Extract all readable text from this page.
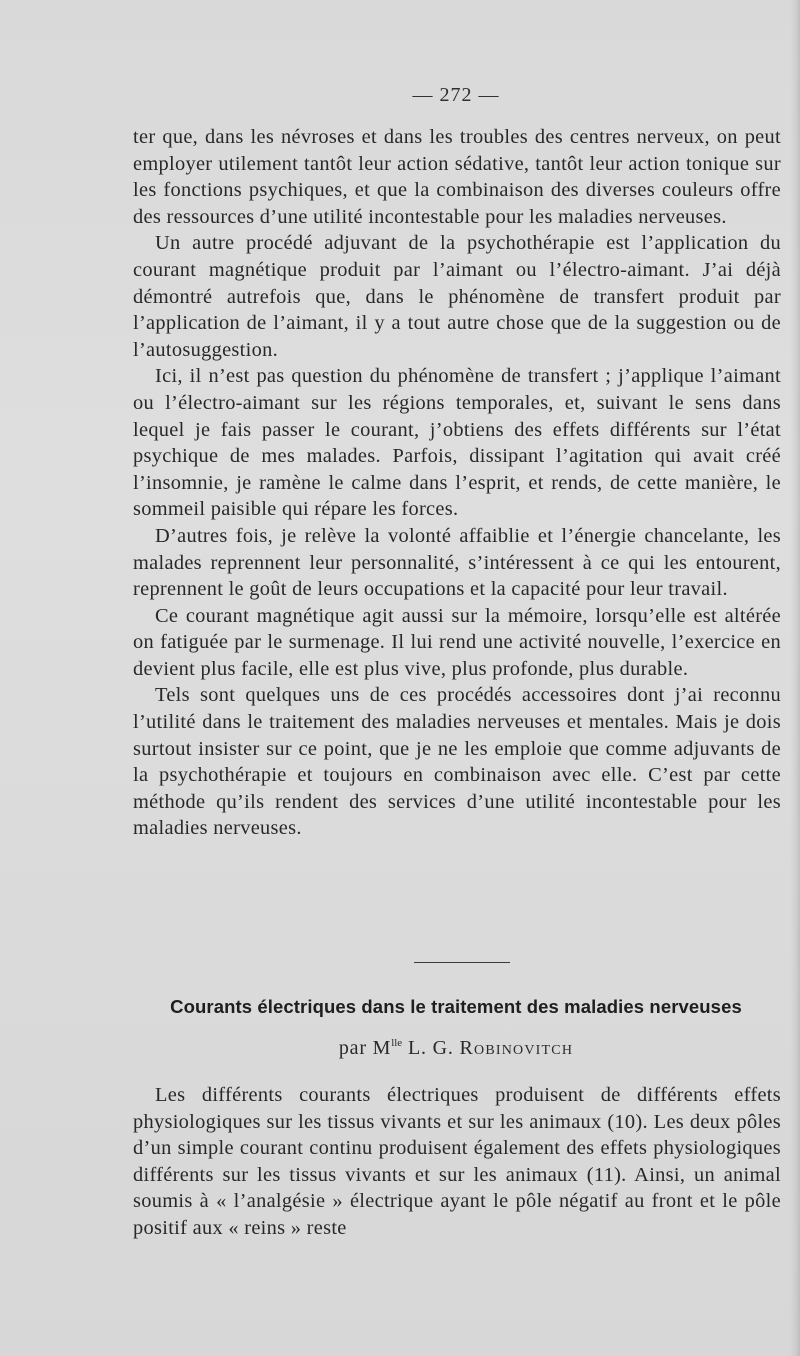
— 272 —

ter que, dans les névroses et dans les troubles des centres nerveux, on peut employer utilement tantôt leur action sédative, tantôt leur action tonique sur les fonctions psychiques, et que la combinaison des diverses couleurs offre des ressources d’une utilité incontestable pour les maladies nerveuses.

Un autre procédé adjuvant de la psychothérapie est l’application du courant magnétique produit par l’aimant ou l’électro-aimant. J’ai déjà démontré autrefois que, dans le phénomène de transfert produit par l’application de l’aimant, il y a tout autre chose que de la suggestion ou de l’autosuggestion.

Ici, il n’est pas question du phénomène de transfert ; j’applique l’aimant ou l’électro-aimant sur les régions temporales, et, suivant le sens dans lequel je fais passer le courant, j’obtiens des effets différents sur l’état psychique de mes malades. Parfois, dissipant l’agitation qui avait créé l’insomnie, je ramène le calme dans l’esprit, et rends, de cette manière, le sommeil paisible qui répare les forces.

D’autres fois, je relève la volonté affaiblie et l’énergie chancelante, les malades reprennent leur personnalité, s’intéressent à ce qui les entourent, reprennent le goût de leurs occupations et la capacité pour leur travail.

Ce courant magnétique agit aussi sur la mémoire, lorsqu’elle est altérée on fatiguée par le surmenage. Il lui rend une activité nouvelle, l’exercice en devient plus facile, elle est plus vive, plus profonde, plus durable.

Tels sont quelques uns de ces procédés accessoires dont j’ai reconnu l’utilité dans le traitement des maladies nerveuses et mentales. Mais je dois surtout insister sur ce point, que je ne les emploie que comme adjuvants de la psychothérapie et toujours en combinaison avec elle. C’est par cette méthode qu’ils rendent des services d’une utilité incontestable pour les maladies nerveuses.

Courants électriques dans le traitement des maladies nerveuses
par $M^{lle}$ L. G. Robinovitch

Les différents courants électriques produisent de différents effets physiologiques sur les tissus vivants et sur les animaux (10). Les deux pôles d’un simple courant continu produisent également des effets physiologiques différents sur les tissus vivants et sur les animaux (11). Ainsi, un animal soumis à « l’analgésie » électrique ayant le pôle négatif au front et le pôle positif aux « reins » reste
